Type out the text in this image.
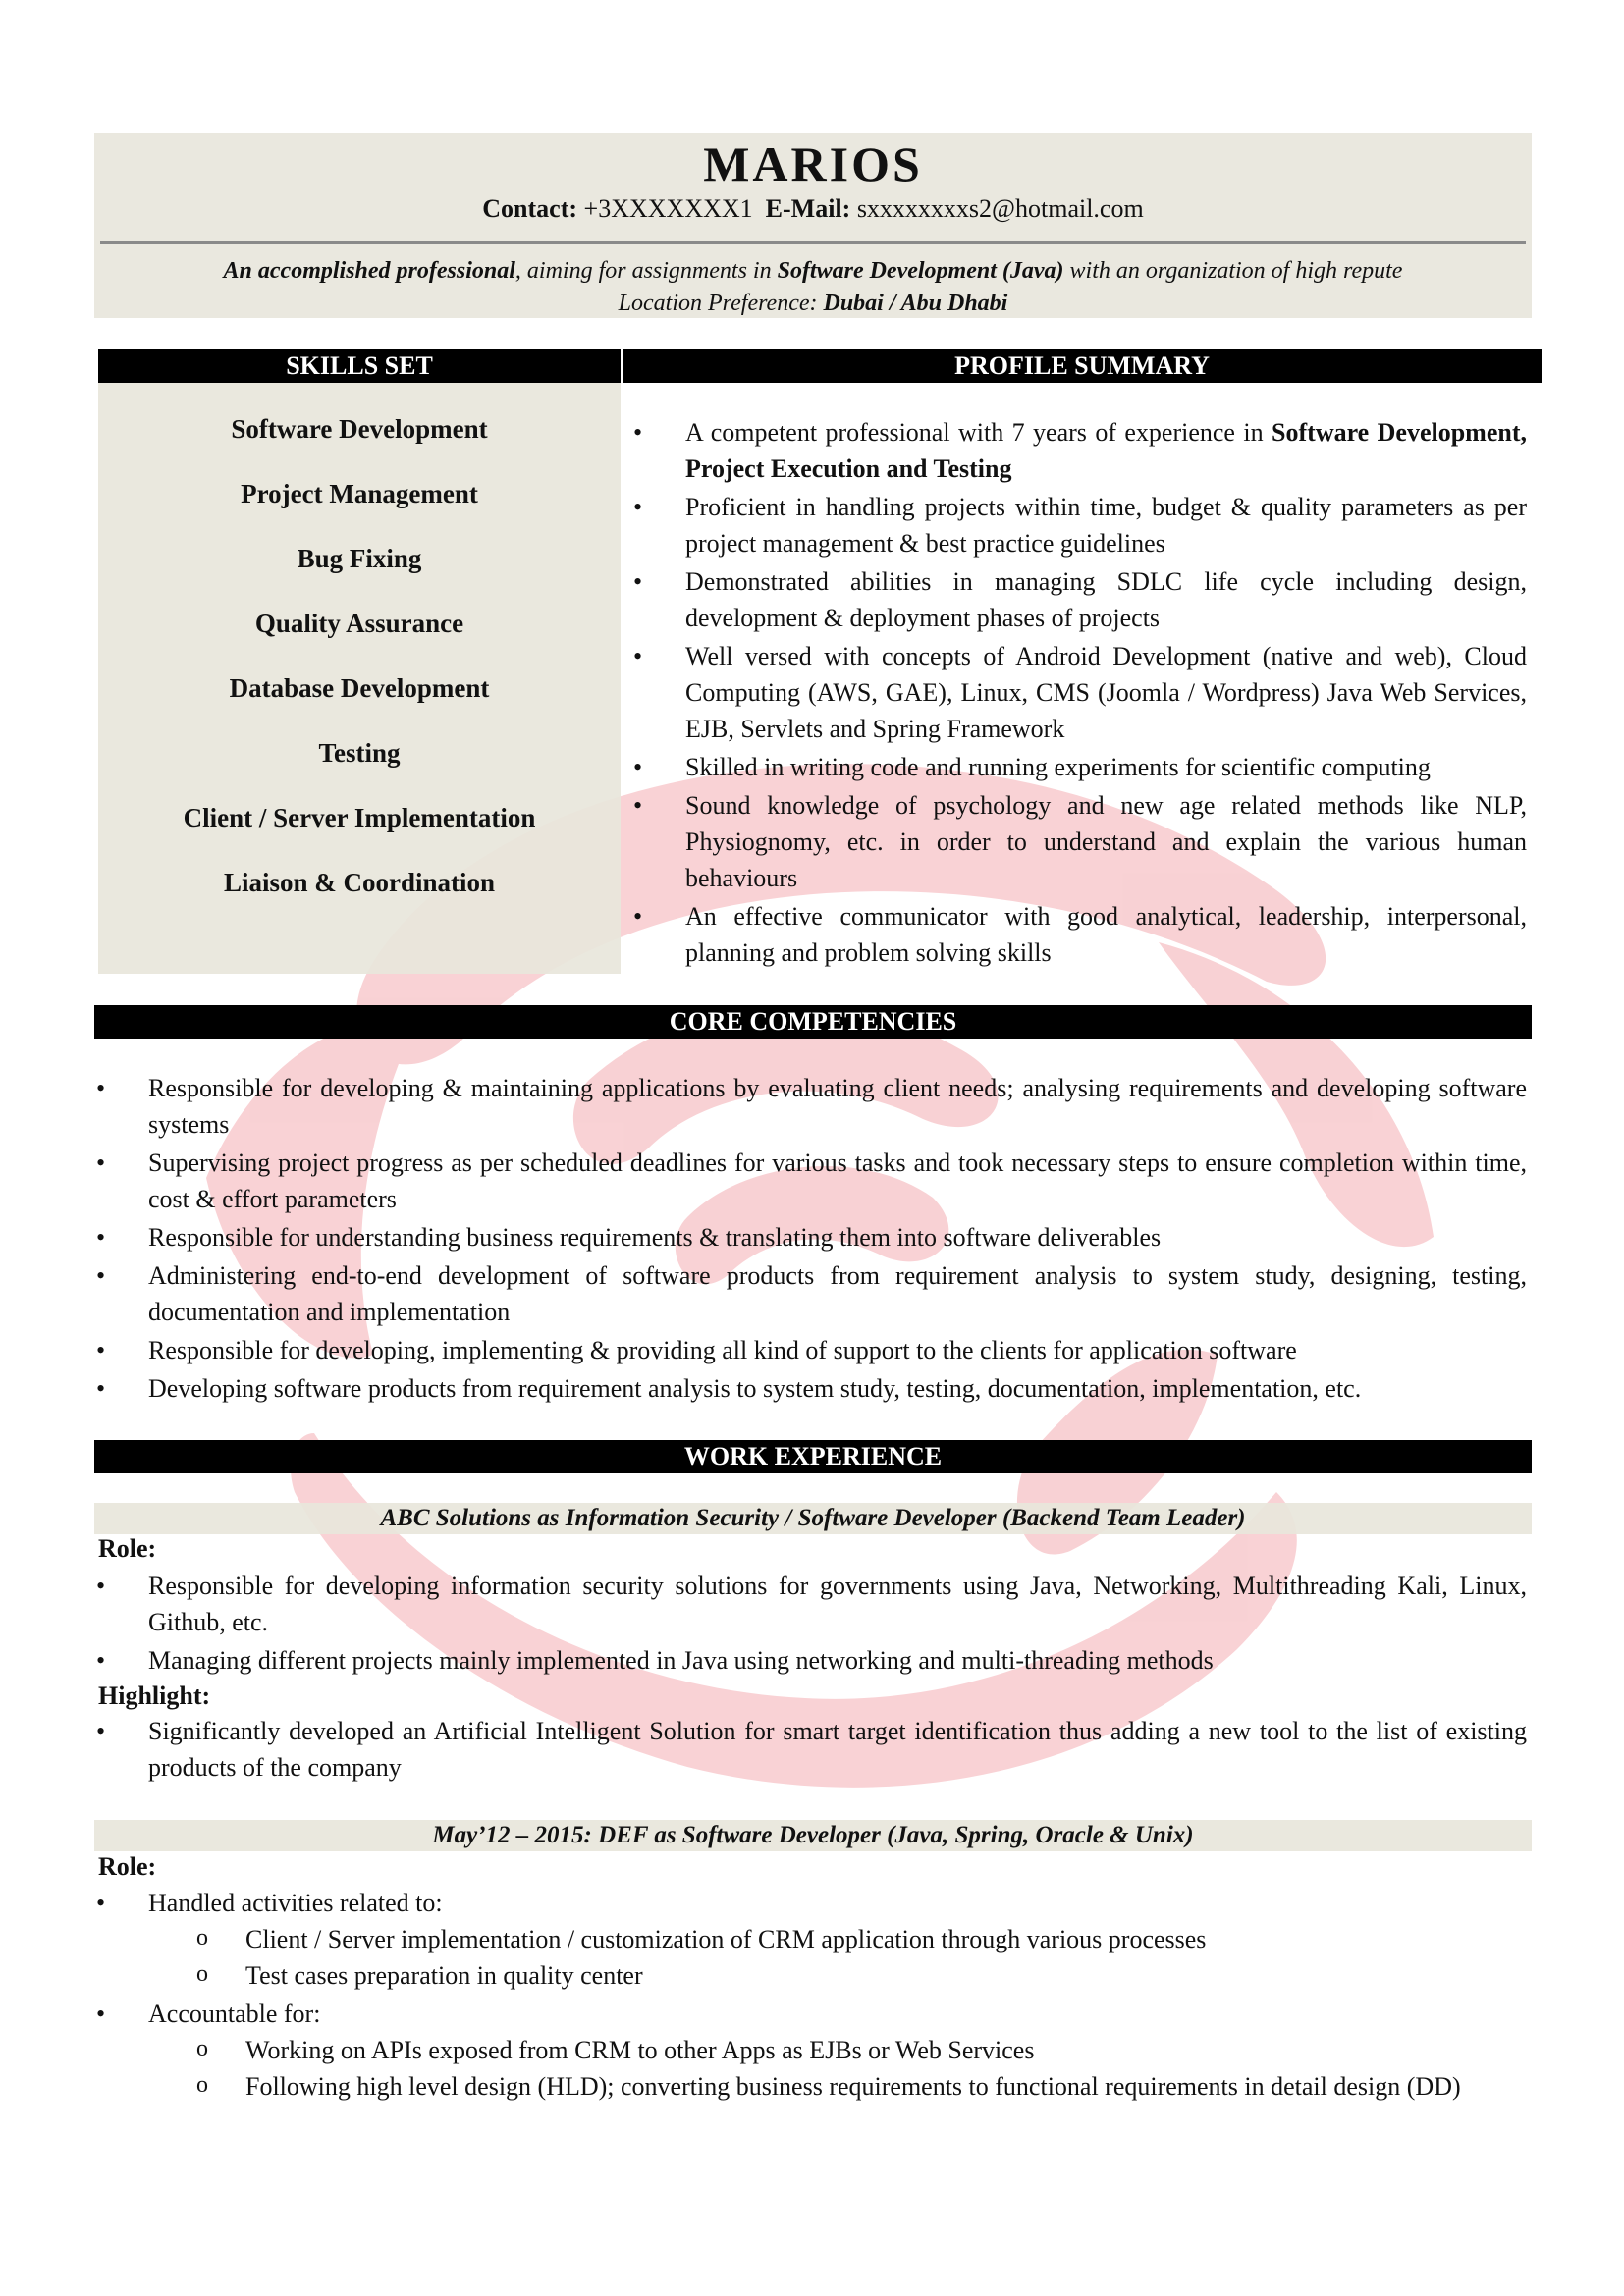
MARIOS
Contact: +3XXXXXXX1 E-Mail: sxxxxxxxxs2@hotmail.com
An accomplished professional, aiming for assignments in Software Development (Java) with an organization of high repute
Location Preference: Dubai / Abu Dhabi
SKILLS SET	PROFILE SUMMARY
Software Development
Project Management
Bug Fixing
Quality Assurance
Database Development
Testing
Client / Server Implementation
Liaison & Coordination
• A competent professional with 7 years of experience in Software Development, Project Execution and Testing
• Proficient in handling projects within time, budget & quality parameters as per project management & best practice guidelines
• Demonstrated abilities in managing SDLC life cycle including design, development & deployment phases of projects
• Well versed with concepts of Android Development (native and web), Cloud Computing (AWS, GAE), Linux, CMS (Joomla / Wordpress) Java Web Services, EJB, Servlets and Spring Framework
• Skilled in writing code and running experiments for scientific computing
• Sound knowledge of psychology and new age related methods like NLP, Physiognomy, etc. in order to understand and explain the various human behaviours
• An effective communicator with good analytical, leadership, interpersonal, planning and problem solving skills
CORE COMPETENCIES
• Responsible for developing & maintaining applications by evaluating client needs; analysing requirements and developing software systems
• Supervising project progress as per scheduled deadlines for various tasks and took necessary steps to ensure completion within time, cost & effort parameters
• Responsible for understanding business requirements & translating them into software deliverables
• Administering end-to-end development of software products from requirement analysis to system study, designing, testing, documentation and implementation
• Responsible for developing, implementing & providing all kind of support to the clients for application software
• Developing software products from requirement analysis to system study, testing, documentation, implementation, etc.
WORK EXPERIENCE
ABC Solutions as Information Security / Software Developer (Backend Team Leader)
Role:
• Responsible for developing information security solutions for governments using Java, Networking, Multithreading Kali, Linux, Github, etc.
• Managing different projects mainly implemented in Java using networking and multi-threading methods
Highlight:
• Significantly developed an Artificial Intelligent Solution for smart target identification thus adding a new tool to the list of existing products of the company
May’12 – 2015: DEF as Software Developer (Java, Spring, Oracle & Unix)
Role:
• Handled activities related to:
o Client / Server implementation / customization of CRM application through various processes
o Test cases preparation in quality center
• Accountable for:
o Working on APIs exposed from CRM to other Apps as EJBs or Web Services
o Following high level design (HLD); converting business requirements to functional requirements in detail design (DD)
